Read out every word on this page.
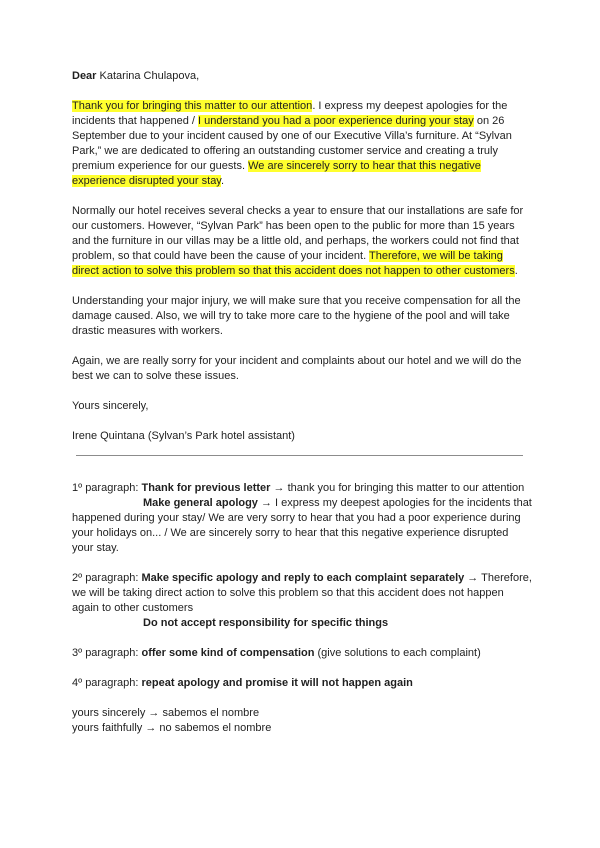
Dear Katarina Chulapova,

Thank you for bringing this matter to our attention. I express my deepest apologies for the incidents that happened / I understand you had a poor experience during your stay on 26 September due to your incident caused by one of our Executive Villa’s furniture. At “Sylvan Park,” we are dedicated to offering an outstanding customer service and creating a truly premium experience for our guests. We are sincerely sorry to hear that this negative experience disrupted your stay.

Normally our hotel receives several checks a year to ensure that our installations are safe for our customers. However, “Sylvan Park” has been open to the public for more than 15 years and the furniture in our villas may be a little old, and perhaps, the workers could not find that problem, so that could have been the cause of your incident. Therefore, we will be taking direct action to solve this problem so that this accident does not happen to other customers.

Understanding your major injury, we will make sure that you receive compensation for all the damage caused. Also, we will try to take more care to the hygiene of the pool and will take drastic measures with workers.

Again, we are really sorry for your incident and complaints about our hotel and we will do the best we can to solve these issues.

Yours sincerely,

Irene Quintana (Sylvan’s Park hotel assistant)

1º paragraph: Thank for previous letter → thank you for bringing this matter to our attention
Make general apology → I express my deepest apologies for the incidents that happened during your stay/ We are very sorry to hear that you had a poor experience during your holidays on... / We are sincerely sorry to hear that this negative experience disrupted your stay.
2º paragraph: Make specific apology and reply to each complaint separately → Therefore, we will be taking direct action to solve this problem so that this accident does not happen again to other customers
Do not accept responsibility for specific things
3º paragraph: offer some kind of compensation (give solutions to each complaint)
4º paragraph: repeat apology and promise it will not happen again
yours sincerely → sabemos el nombre
yours faithfully → no sabemos el nombre
